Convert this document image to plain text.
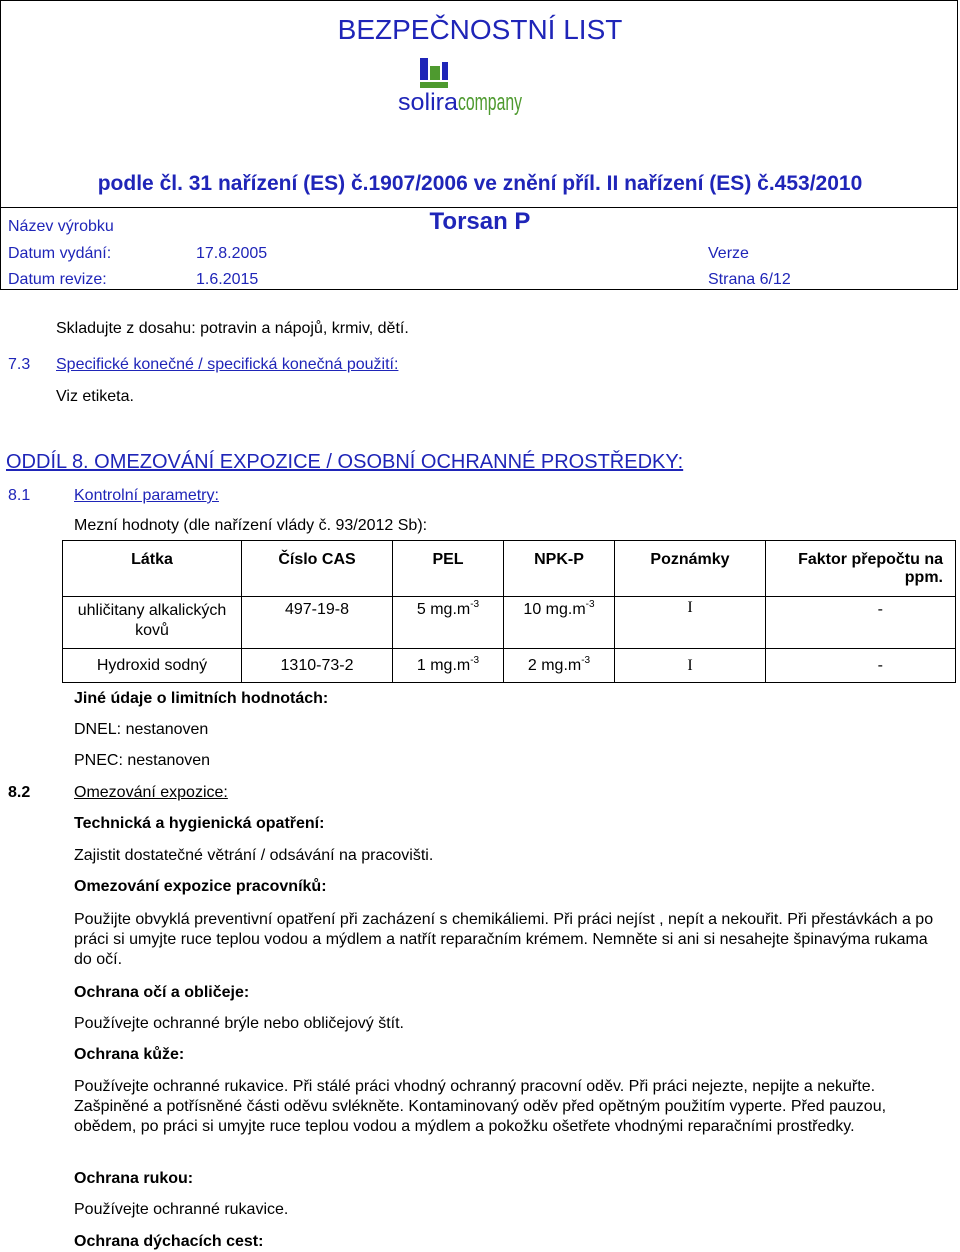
BEZPEČNOSTNÍ LIST
solira company
podle čl. 31 nařízení (ES) č.1907/2006 ve znění příl. II nařízení (ES) č.453/2010
Název výrobku	Torsan P
Datum vydání:	17.8.2005	Verze
Datum revize:	1.6.2015	Strana 6/12
Skladujte z dosahu: potravin a nápojů, krmiv, dětí.
7.3 Specifické konečné / specifická konečná použití:
Viz etiketa.
ODDÍL 8. OMEZOVÁNÍ EXPOZICE / OSOBNÍ OCHRANNÉ PROSTŘEDKY:
8.1	Kontrolní parametry:
Mezní hodnoty (dle nařízení vlády č. 93/2012 Sb):
Látka	Číslo CAS	PEL	NPK-P	Poznámky	Faktor přepočtu na ppm.
uhličitany alkalických kovů	497-19-8	5 $mg.m^{-3}$	10 $mg.m^{-3}$	I	-
Hydroxid sodný	1310-73-2	1 $mg.m^{-3}$	2 $mg.m^{-3}$	I	-
Jiné údaje o limitních hodnotách:
DNEL: nestanoven
PNEC: nestanoven
8.2	Omezování expozice:
Technická a hygienická opatření:
Zajistit dostatečné větrání / odsávání na pracovišti.
Omezování expozice pracovníků:
Použijte obvyklá preventivní opatření při zacházení s chemikáliemi. Při práci nejíst , nepít a nekouřit. Při přestávkách a po práci si umyjte ruce teplou vodou a mýdlem a natřít reparačním krémem. Nemněte si ani si nesahejte špinavýma rukama do očí.
Ochrana očí a obličeje:
Používejte ochranné brýle nebo obličejový štít.
Ochrana kůže:
Používejte ochranné rukavice. Při stálé práci vhodný ochranný pracovní oděv. Při práci nejezte, nepijte a nekuřte. Zašpiněné a potřísněné části oděvu svlékněte. Kontaminovaný oděv před opětným použitím vyperte. Před pauzou, obědem, po práci si umyjte ruce teplou vodou a mýdlem a pokožku ošetřete vhodnými reparačními prostředky.
Ochrana rukou:
Používejte ochranné rukavice.
Ochrana dýchacích cest:
